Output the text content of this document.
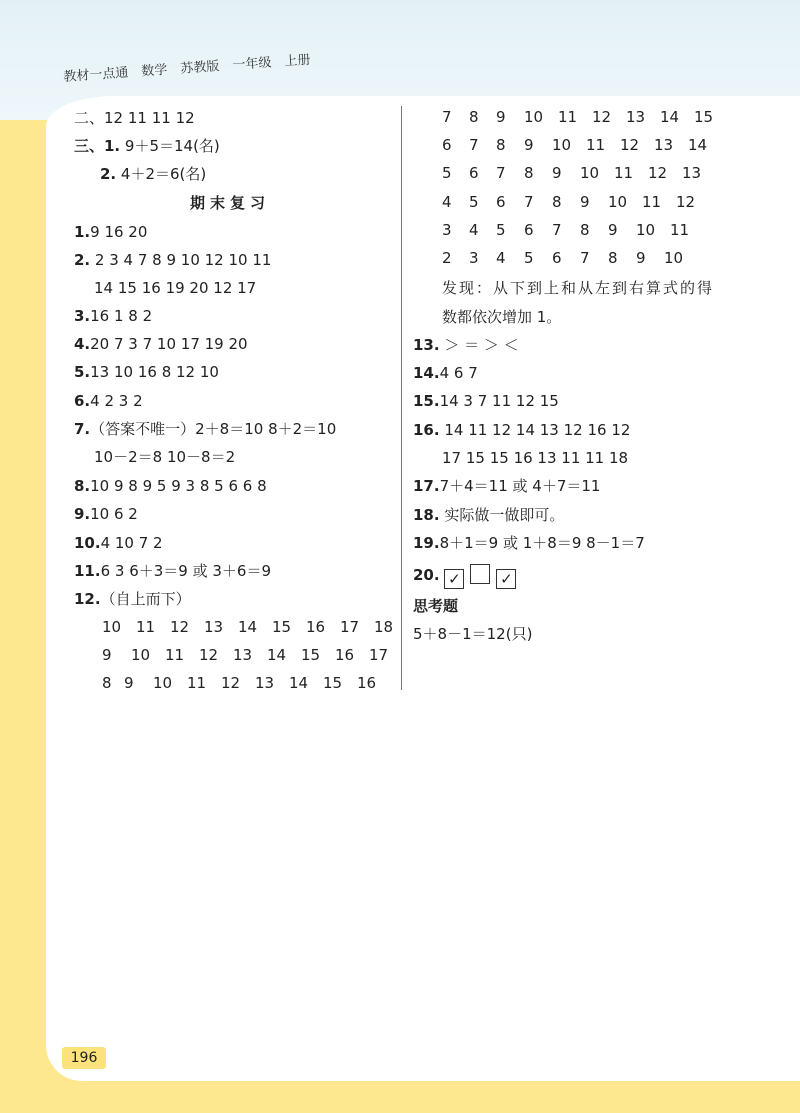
教材一点通 数学 苏教版 一年级 上册
二、12 11 11 12
三、1. 9＋5＝14(名)
2. 4＋2＝6(名)
期末复习
1.9 16 20
2. 2 3 4 7 8 9 10 12 10 11
14 15 16 19 20 12 17
3.16 1 8 2
4.20 7 3 7 10 17 19 20
5.13 10 16 8 12 10
6.4 2 3 2
7.（答案不唯一）2＋8＝10 8＋2＝10
10－2＝8 10－8＝2
8.10 9 8 9 5 9 3 8 5 6 6 8
9.10 6 2
10.4 10 7 2
11.6 3 6＋3＝9 或 3＋6＝9
12.（自上而下）
10 11 12 13 14 15 16 17 18
9 10 11 12 13 14 15 16 17
8 9 10 11 12 13 14 15 16
7 8 9 10 11 12 13 14 15
6 7 8 9 10 11 12 13 14
5 6 7 8 9 10 11 12 13
4 5 6 7 8 9 10 11 12
3 4 5 6 7 8 9 10 11
2 3 4 5 6 7 8 9 10
发现：从下到上和从左到右算式的得
数都依次增加 1。
13. ＞ ＝ ＞ ＜
14.4 6 7
15.14 3 7 11 12 15
16. 14 11 12 14 13 12 16 12
17 15 15 16 13 11 11 18
17.7＋4＝11 或 4＋7＝11
18. 实际做一做即可。
19.8＋1＝9 或 1＋8＝9 8－1＝7
20. ✓	✓
思考题
5＋8－1＝12(只)
196
